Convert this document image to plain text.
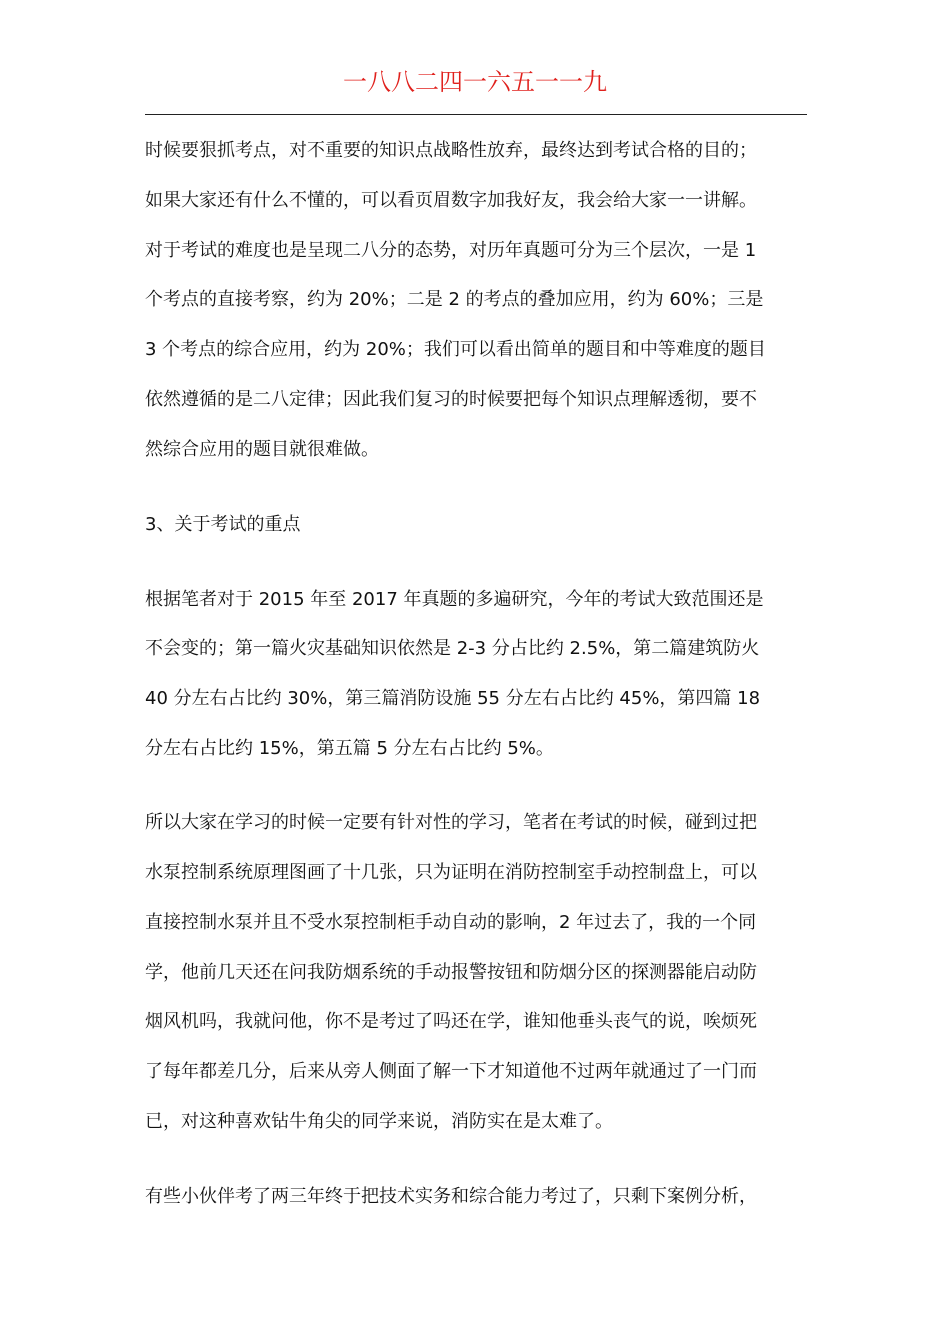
一八八二四一六五一一九
时候要狠抓考点，对不重要的知识点战略性放弃，最终达到考试合格的目的；
如果大家还有什么不懂的，可以看页眉数字加我好友，我会给大家一一讲解。
对于考试的难度也是呈现二八分的态势，对历年真题可分为三个层次，一是 1
个考点的直接考察，约为 20%；二是 2 的考点的叠加应用，约为 60%；三是
3 个考点的综合应用，约为 20%；我们可以看出简单的题目和中等难度的题目
依然遵循的是二八定律；因此我们复习的时候要把每个知识点理解透彻，要不
然综合应用的题目就很难做。
3、关于考试的重点
根据笔者对于 2015 年至 2017 年真题的多遍研究，今年的考试大致范围还是
不会变的；第一篇火灾基础知识依然是 2-3 分占比约 2.5%，第二篇建筑防火
40 分左右占比约 30%，第三篇消防设施 55 分左右占比约 45%，第四篇 18
分左右占比约 15%，第五篇 5 分左右占比约 5%。
所以大家在学习的时候一定要有针对性的学习，笔者在考试的时候，碰到过把
水泵控制系统原理图画了十几张，只为证明在消防控制室手动控制盘上，可以
直接控制水泵并且不受水泵控制柜手动自动的影响，2 年过去了，我的一个同
学，他前几天还在问我防烟系统的手动报警按钮和防烟分区的探测器能启动防
烟风机吗，我就问他，你不是考过了吗还在学，谁知他垂头丧气的说，唉烦死
了每年都差几分，后来从旁人侧面了解一下才知道他不过两年就通过了一门而
已，对这种喜欢钻牛角尖的同学来说，消防实在是太难了。
有些小伙伴考了两三年终于把技术实务和综合能力考过了，只剩下案例分析，
